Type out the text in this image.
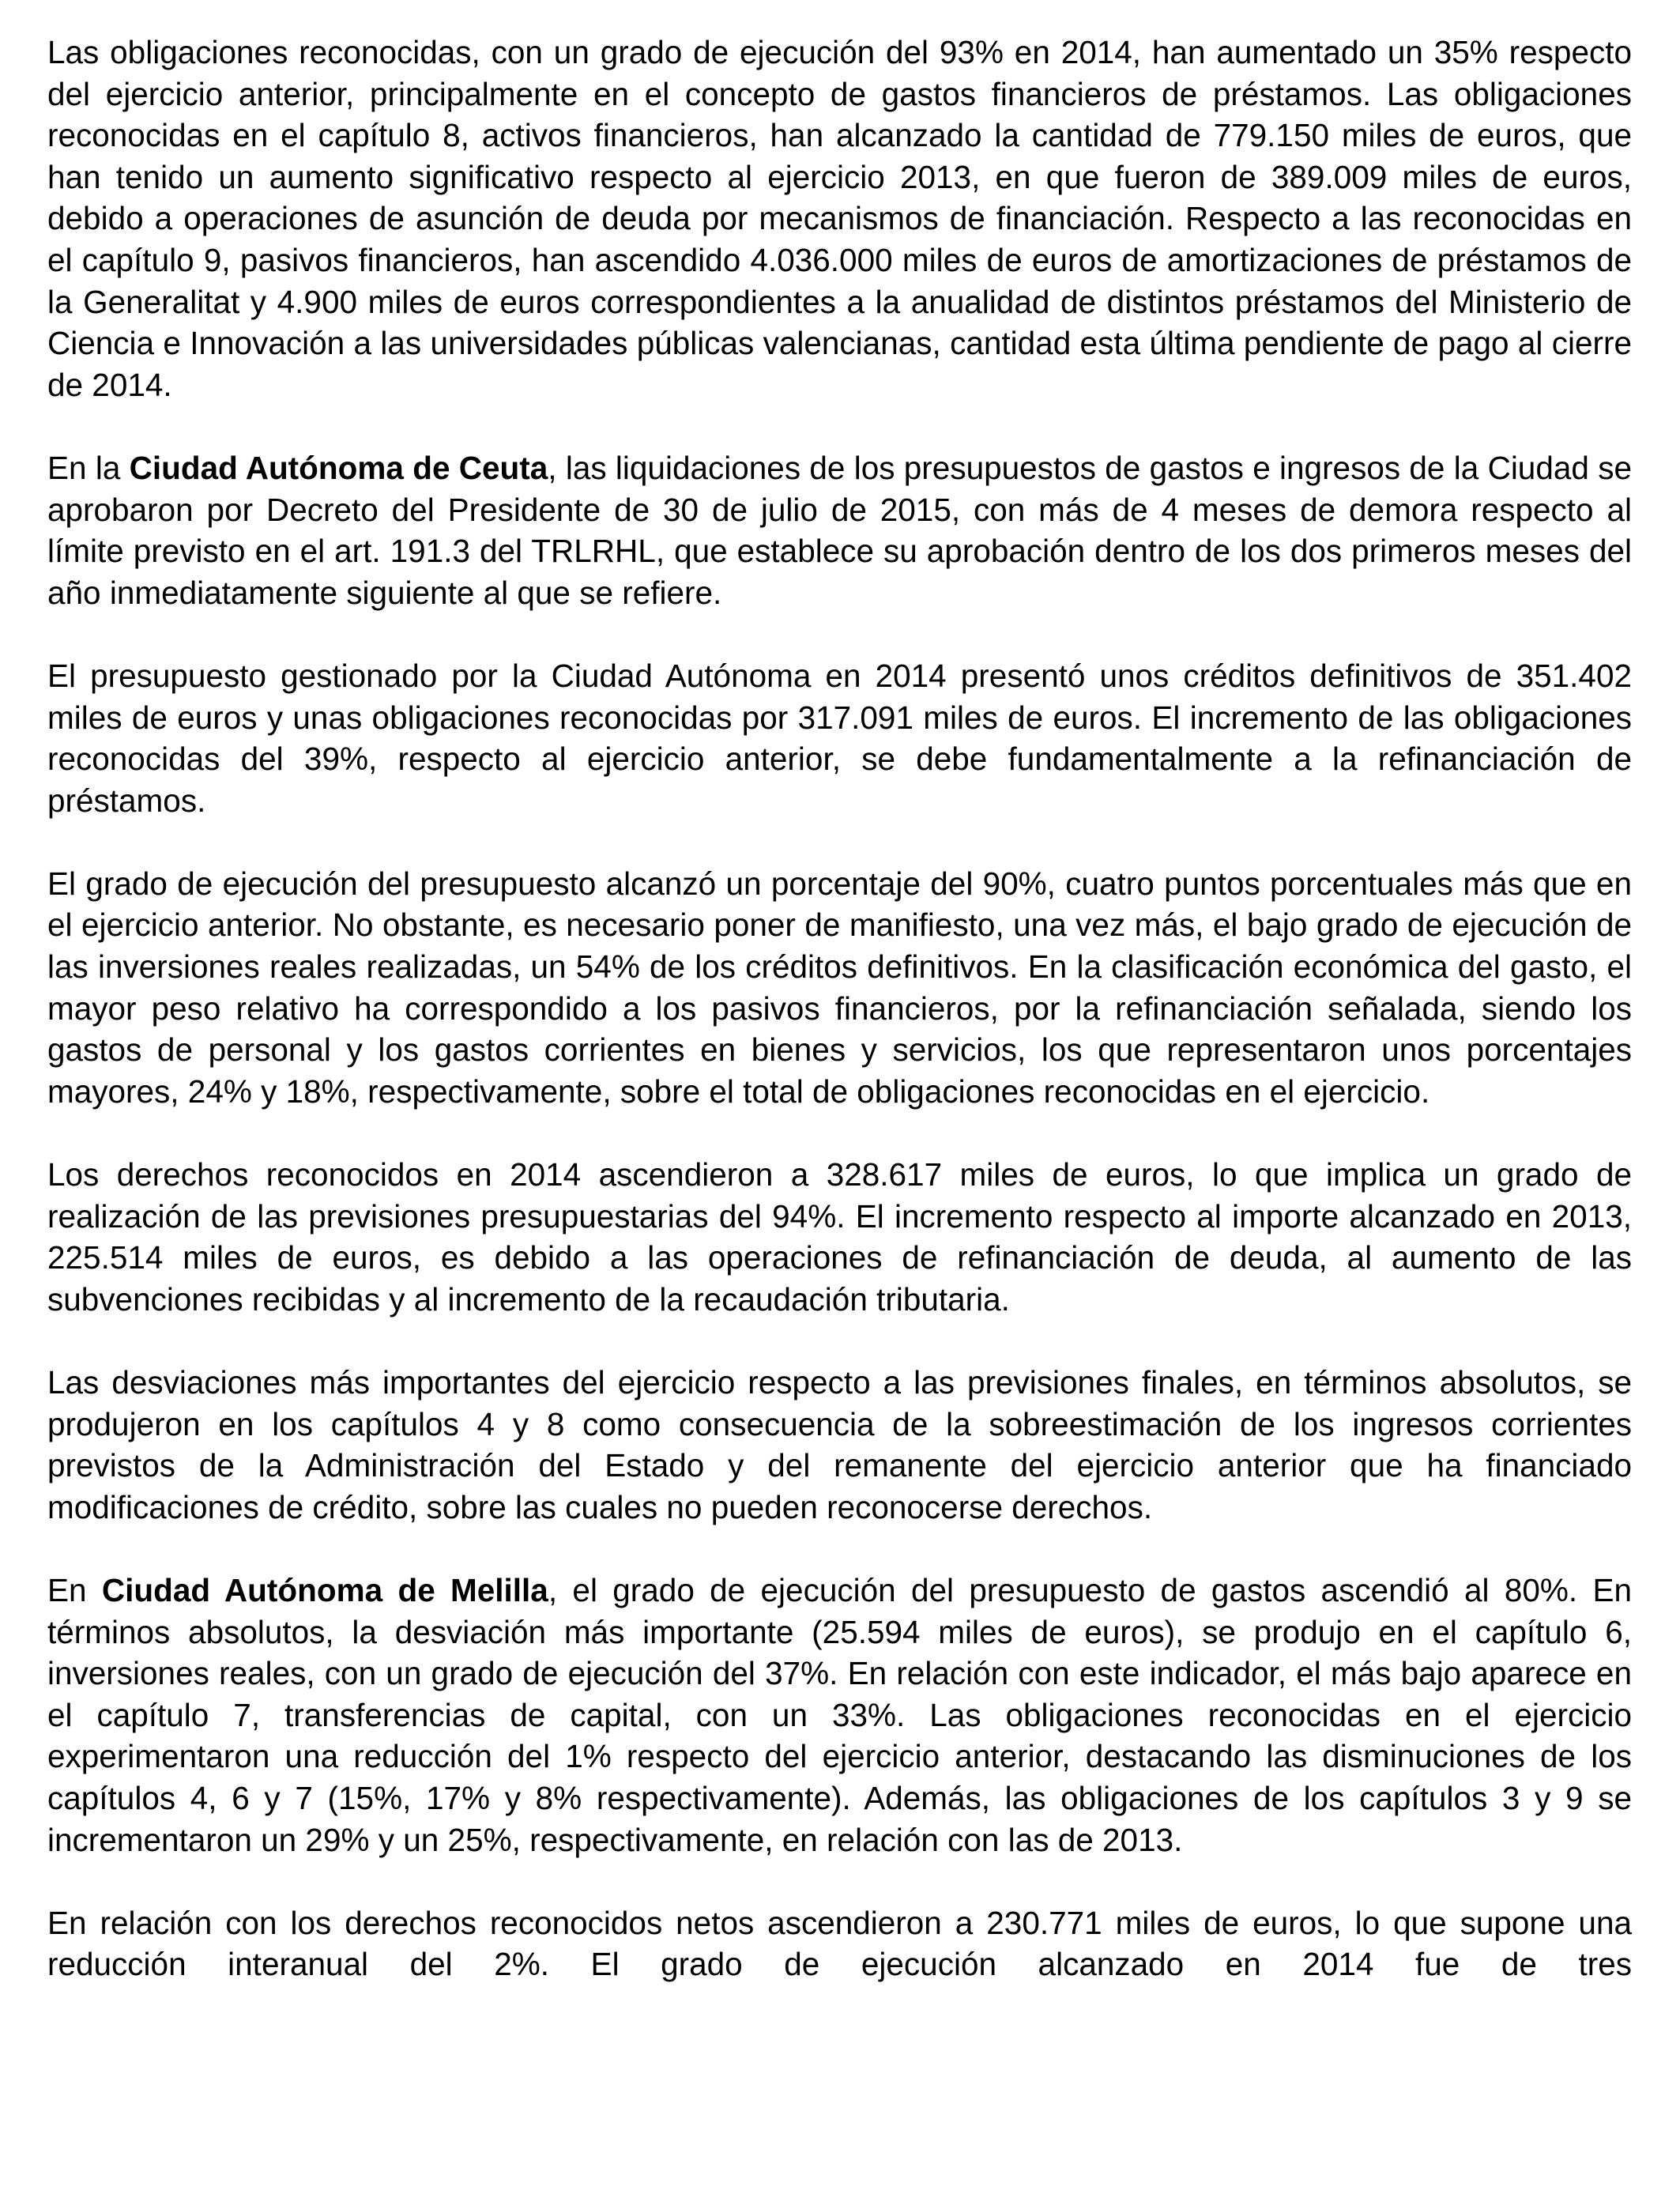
Las obligaciones reconocidas, con un grado de ejecución del 93% en 2014, han aumentado un 35% respecto del ejercicio anterior, principalmente en el concepto de gastos financieros de préstamos. Las obligaciones reconocidas en el capítulo 8, activos financieros, han alcanzado la cantidad de 779.150 miles de euros, que han tenido un aumento significativo respecto al ejercicio 2013, en que fueron de 389.009 miles de euros, debido a operaciones de asunción de deuda por mecanismos de financiación. Respecto a las reconocidas en el capítulo 9, pasivos financieros, han ascendido 4.036.000 miles de euros de amortizaciones de préstamos de la Generalitat y 4.900 miles de euros correspondientes a la anualidad de distintos préstamos del Ministerio de Ciencia e Innovación a las universidades públicas valencianas, cantidad esta última pendiente de pago al cierre de 2014.

En la Ciudad Autónoma de Ceuta, las liquidaciones de los presupuestos de gastos e ingresos de la Ciudad se aprobaron por Decreto del Presidente de 30 de julio de 2015, con más de 4 meses de demora respecto al límite previsto en el art. 191.3 del TRLRHL, que establece su aprobación dentro de los dos primeros meses del año inmediatamente siguiente al que se refiere.

El presupuesto gestionado por la Ciudad Autónoma en 2014 presentó unos créditos definitivos de 351.402 miles de euros y unas obligaciones reconocidas por 317.091 miles de euros. El incremento de las obligaciones reconocidas del 39%, respecto al ejercicio anterior, se debe fundamentalmente a la refinanciación de préstamos.

El grado de ejecución del presupuesto alcanzó un porcentaje del 90%, cuatro puntos porcentuales más que en el ejercicio anterior. No obstante, es necesario poner de manifiesto, una vez más, el bajo grado de ejecución de las inversiones reales realizadas, un 54% de los créditos definitivos. En la clasificación económica del gasto, el mayor peso relativo ha correspondido a los pasivos financieros, por la refinanciación señalada, siendo los gastos de personal y los gastos corrientes en bienes y servicios, los que representaron unos porcentajes mayores, 24% y 18%, respectivamente, sobre el total de obligaciones reconocidas en el ejercicio.

Los derechos reconocidos en 2014 ascendieron a 328.617 miles de euros, lo que implica un grado de realización de las previsiones presupuestarias del 94%. El incremento respecto al importe alcanzado en 2013, 225.514 miles de euros, es debido a las operaciones de refinanciación de deuda, al aumento de las subvenciones recibidas y al incremento de la recaudación tributaria.

Las desviaciones más importantes del ejercicio respecto a las previsiones finales, en términos absolutos, se produjeron en los capítulos 4 y 8 como consecuencia de la sobreestimación de los ingresos corrientes previstos de la Administración del Estado y del remanente del ejercicio anterior que ha financiado modificaciones de crédito, sobre las cuales no pueden reconocerse derechos.

En Ciudad Autónoma de Melilla, el grado de ejecución del presupuesto de gastos ascendió al 80%. En términos absolutos, la desviación más importante (25.594 miles de euros), se produjo en el capítulo 6, inversiones reales, con un grado de ejecución del 37%. En relación con este indicador, el más bajo aparece en el capítulo 7, transferencias de capital, con un 33%. Las obligaciones reconocidas en el ejercicio experimentaron una reducción del 1% respecto del ejercicio anterior, destacando las disminuciones de los capítulos 4, 6 y 7 (15%, 17% y 8% respectivamente). Además, las obligaciones de los capítulos 3 y 9 se incrementaron un 29% y un 25%, respectivamente, en relación con las de 2013.

En relación con los derechos reconocidos netos ascendieron a 230.771 miles de euros, lo que supone una reducción interanual del 2%. El grado de ejecución alcanzado en 2014 fue de tres
